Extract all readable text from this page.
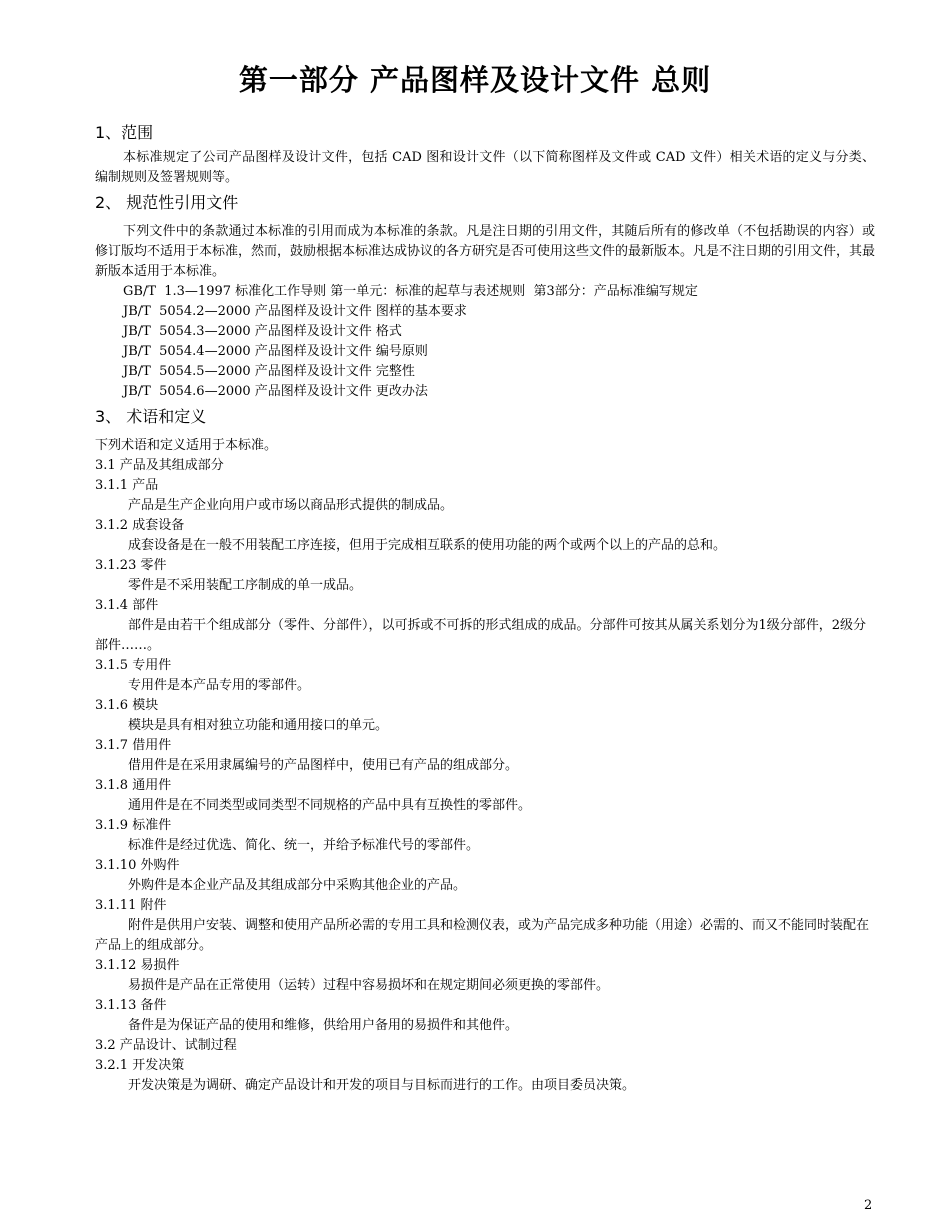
第一部分 产品图样及设计文件 总则

1、范围

本标准规定了公司产品图样及设计文件，包括 CAD 图和设计文件（以下简称图样及文件或 CAD 文件）相关术语的定义与分类、编制规则及签署规则等。

2、 规范性引用文件

下列文件中的条款通过本标准的引用而成为本标准的条款。凡是注日期的引用文件，其随后所有的修改单（不包括勘误的内容）或修订版均不适用于本标准，然而，鼓励根据本标准达成协议的各方研究是否可使用这些文件的最新版本。凡是不注日期的引用文件，其最新版本适用于本标准。

GB/T  1.3—1997 标准化工作导则 第一单元：标准的起草与表述规则  第3部分：产品标准编写规定

JB/T  5054.2—2000 产品图样及设计文件 图样的基本要求

JB/T  5054.3—2000 产品图样及设计文件 格式

JB/T  5054.4—2000 产品图样及设计文件 编号原则

JB/T  5054.5—2000 产品图样及设计文件 完整性

JB/T  5054.6—2000 产品图样及设计文件 更改办法

3、 术语和定义

下列术语和定义适用于本标准。

3.1 产品及其组成部分

3.1.1 产品

产品是生产企业向用户或市场以商品形式提供的制成品。

3.1.2 成套设备

成套设备是在一般不用装配工序连接，但用于完成相互联系的使用功能的两个或两个以上的产品的总和。

3.1.23 零件

零件是不采用装配工序制成的单一成品。

3.1.4 部件

部件是由若干个组成部分（零件、分部件），以可拆或不可拆的形式组成的成品。分部件可按其从属关系划分为1级分部件，2级分部件……。

3.1.5 专用件

专用件是本产品专用的零部件。

3.1.6 模块

模块是具有相对独立功能和通用接口的单元。

3.1.7 借用件

借用件是在采用隶属编号的产品图样中，使用已有产品的组成部分。

3.1.8 通用件

通用件是在不同类型或同类型不同规格的产品中具有互换性的零部件。

3.1.9 标准件

标准件是经过优选、简化、统一，并给予标准代号的零部件。

3.1.10 外购件

外购件是本企业产品及其组成部分中采购其他企业的产品。

3.1.11 附件

附件是供用户安装、调整和使用产品所必需的专用工具和检测仪表，或为产品完成多种功能（用途）必需的、而又不能同时装配在产品上的组成部分。

3.1.12 易损件

易损件是产品在正常使用（运转）过程中容易损坏和在规定期间必须更换的零部件。

3.1.13 备件

备件是为保证产品的使用和维修，供给用户备用的易损件和其他件。

3.2 产品设计、试制过程

3.2.1 开发决策

开发决策是为调研、确定产品设计和开发的项目与目标而进行的工作。由项目委员决策。

2
